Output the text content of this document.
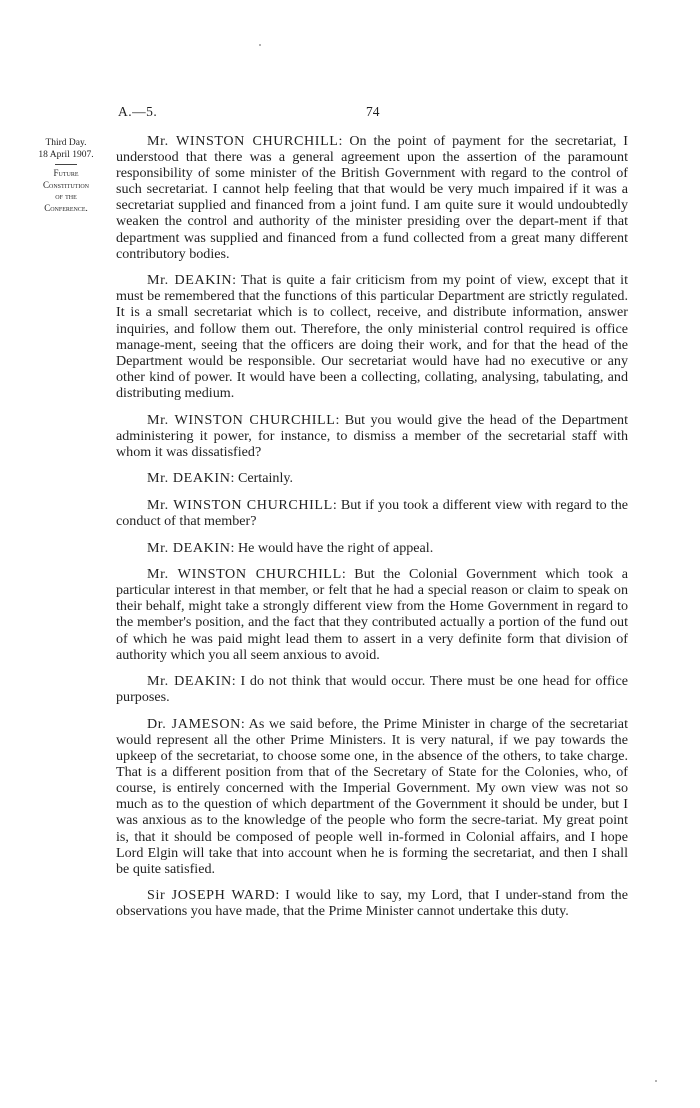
A.—5.	74
Third Day.
18 April 1907.
Future
Constitution
of the
Conference.

Mr. WINSTON CHURCHILL: On the point of payment for the secretariat, I understood that there was a general agreement upon the assertion of the paramount responsibility of some minister of the British Government with regard to the control of such secretariat. I cannot help feeling that that would be very much impaired if it was a secretariat supplied and financed from a joint fund. I am quite sure it would undoubtedly weaken the control and authority of the minister presiding over the depart-ment if that department was supplied and financed from a fund collected from a great many different contributory bodies.

Mr. DEAKIN: That is quite a fair criticism from my point of view, except that it must be remembered that the functions of this particular Department are strictly regulated. It is a small secretariat which is to collect, receive, and distribute information, answer inquiries, and follow them out. Therefore, the only ministerial control required is office manage-ment, seeing that the officers are doing their work, and for that the head of the Department would be responsible. Our secretariat would have had no executive or any other kind of power. It would have been a collecting, collating, analysing, tabulating, and distributing medium.

Mr. WINSTON CHURCHILL: But you would give the head of the Department administering it power, for instance, to dismiss a member of the secretarial staff with whom it was dissatisfied?

Mr. DEAKIN: Certainly.

Mr. WINSTON CHURCHILL: But if you took a different view with regard to the conduct of that member?

Mr. DEAKIN: He would have the right of appeal.

Mr. WINSTON CHURCHILL: But the Colonial Government which took a particular interest in that member, or felt that he had a special reason or claim to speak on their behalf, might take a strongly different view from the Home Government in regard to the member's position, and the fact that they contributed actually a portion of the fund out of which he was paid might lead them to assert in a very definite form that division of authority which you all seem anxious to avoid.

Mr. DEAKIN: I do not think that would occur. There must be one head for office purposes.

Dr. JAMESON: As we said before, the Prime Minister in charge of the secretariat would represent all the other Prime Ministers. It is very natural, if we pay towards the upkeep of the secretariat, to choose some one, in the absence of the others, to take charge. That is a different position from that of the Secretary of State for the Colonies, who, of course, is entirely concerned with the Imperial Government. My own view was not so much as to the question of which department of the Government it should be under, but I was anxious as to the knowledge of the people who form the secre-tariat. My great point is, that it should be composed of people well in-formed in Colonial affairs, and I hope Lord Elgin will take that into account when he is forming the secretariat, and then I shall be quite satisfied.

Sir JOSEPH WARD: I would like to say, my Lord, that I under-stand from the observations you have made, that the Prime Minister cannot undertake this duty.
